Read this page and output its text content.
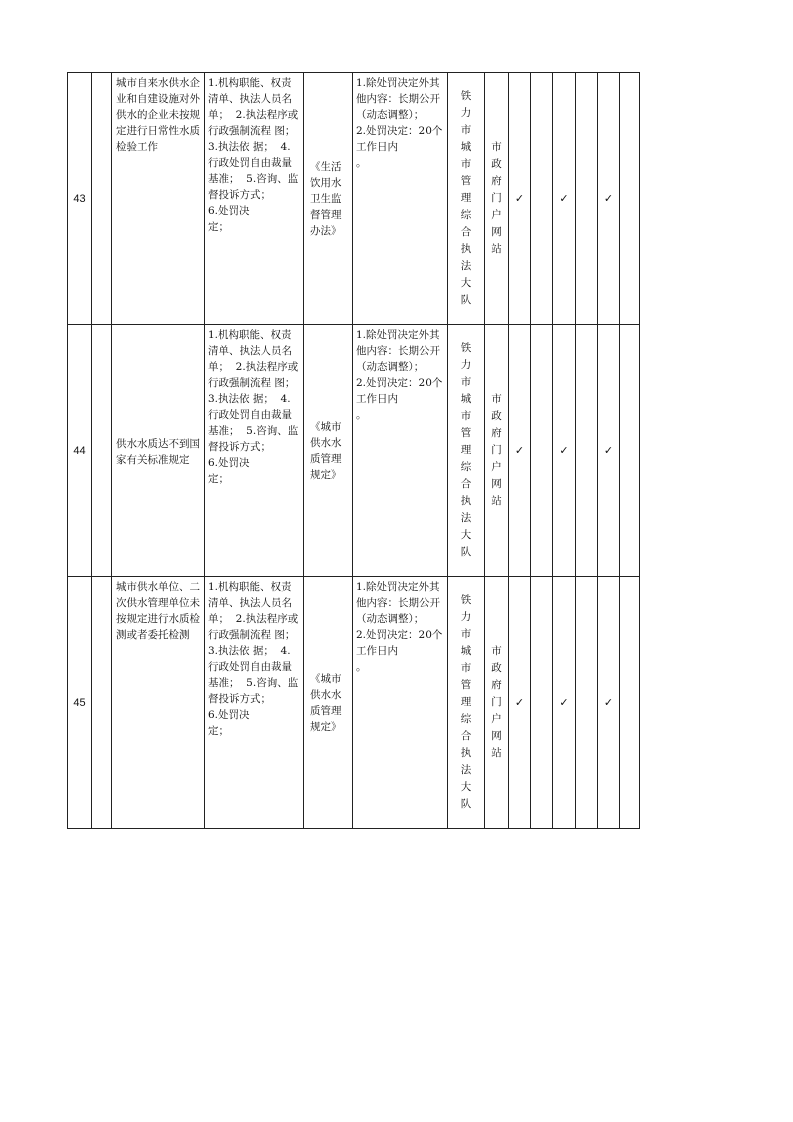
43		城市自来水供水企业和自建设施对外供水的企业未按规定进行日常性水质检验工作	1.机构职能、权责清单、执法人员名单；  2.执法程序或行政强制流程 图；  3.执法依 据；  4.行政处罚自由裁量基准；  5.咨询、监督投诉方式；
6.处罚决
定；	《生活饮用水卫生监督管理办法》	1.除处罚决定外其他内容：长期公开
（动态调整）；
2.处罚决定：20个工作日内
。	铁力市城市管理综合执法大队	市政府门户网站	✓		✓		✓	
44		供水水质达不到国家有关标准规定	1.机构职能、权责清单、执法人员名单；  2.执法程序或行政强制流程 图；  3.执法依 据；  4.行政处罚自由裁量基准；  5.咨询、监督投诉方式；
6.处罚决
定；	《城市供水水质管理规定》	1.除处罚决定外其他内容：长期公开
（动态调整）；
2.处罚决定：20个工作日内
。	铁力市城市管理综合执法大队	市政府门户网站	✓		✓		✓	
45		城市供水单位、二次供水管理单位未按规定进行水质检测或者委托检测	1.机构职能、权责清单、执法人员名单；  2.执法程序或行政强制流程 图；  3.执法依 据；  4.行政处罚自由裁量基准；  5.咨询、监督投诉方式；
6.处罚决
定；	《城市供水水质管理规定》	1.除处罚决定外其他内容：长期公开
（动态调整）；
2.处罚决定：20个工作日内
。	铁力市城市管理综合执法大队	市政府门户网站	✓		✓		✓	
